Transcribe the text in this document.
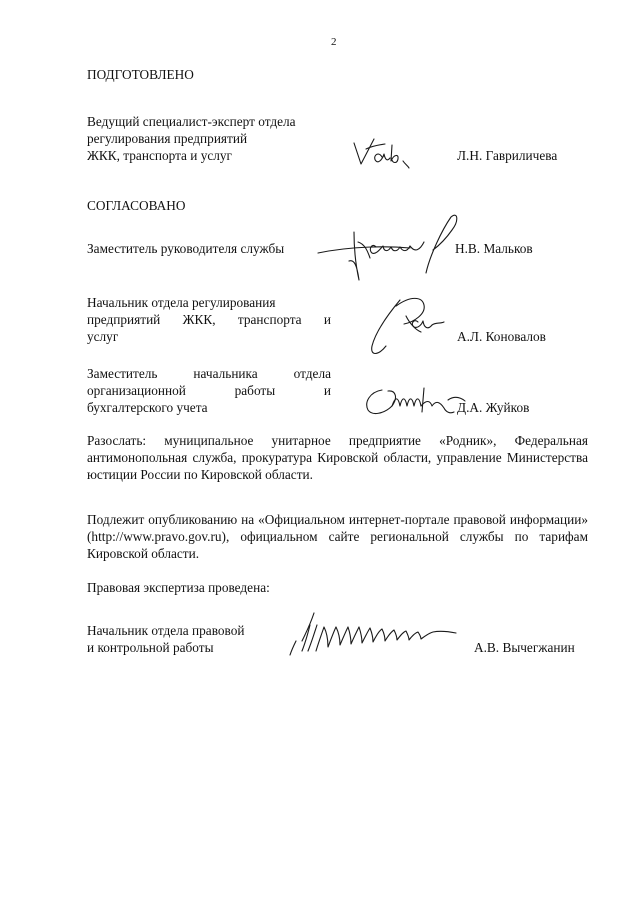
2
ПОДГОТОВЛЕНО
Ведущий специалист-эксперт отдела
регулирования предприятий
ЖКК, транспорта и услуг	Л.Н. Гавриличева
СОГЛАСОВАНО
Заместитель руководителя службы	Н.В. Мальков
Начальник отдела регулирования
предприятий ЖКК, транспорта и
услуг	А.Л. Коновалов
Заместитель начальника отдела
организационной работы и
бухгалтерского учета	Д.А. Жуйков
Разослать: муниципальное унитарное предприятие «Родник», Федеральная антимонопольная служба, прокуратура Кировской области, управление Министерства юстиции России по Кировской области.
Подлежит опубликованию на «Официальном интернет-портале правовой информации» (http://www.pravo.gov.ru), официальном сайте региональной службы по тарифам Кировской области.
Правовая экспертиза проведена:
Начальник отдела правовой
и контрольной работы	А.В. Вычегжанин
